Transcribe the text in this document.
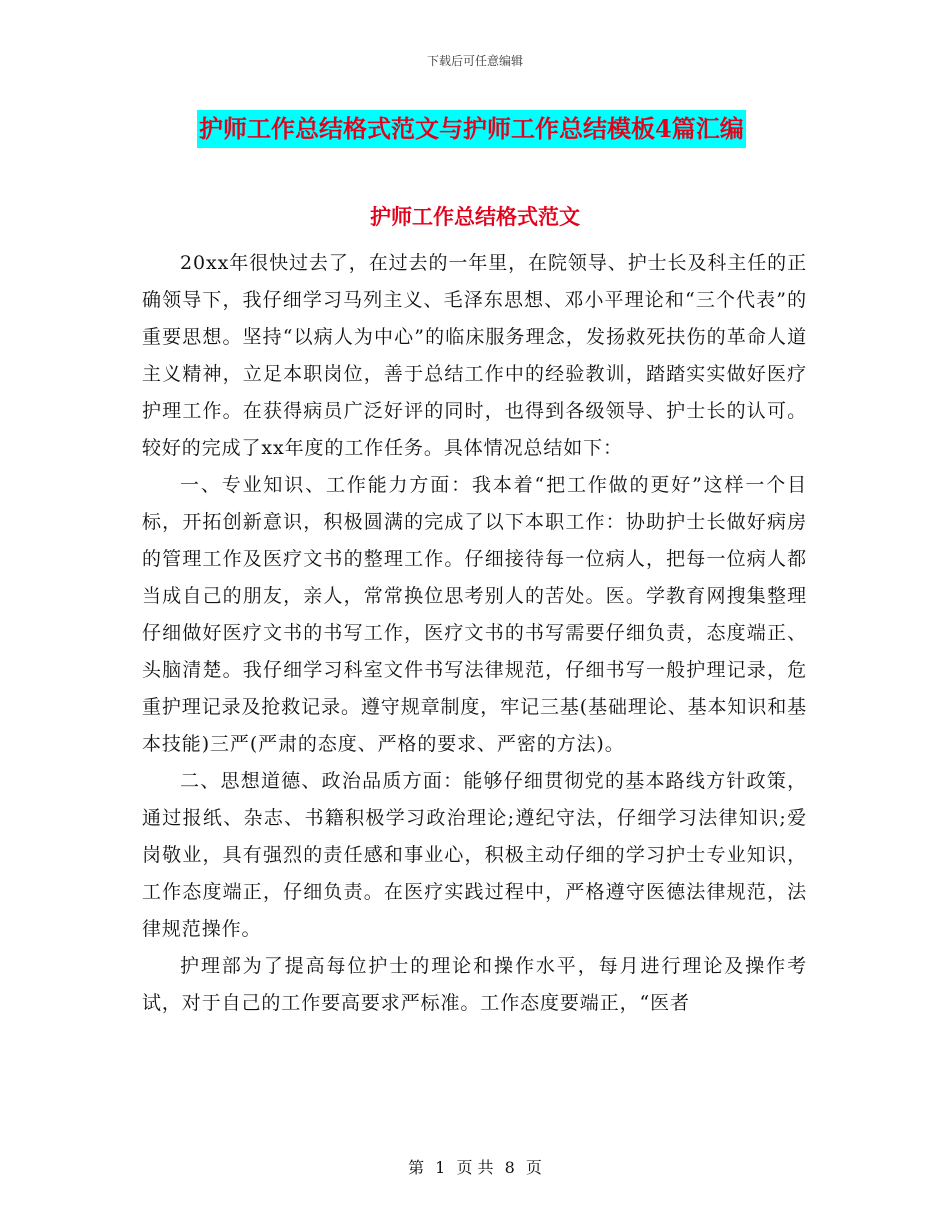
下载后可任意编辑
护师工作总结格式范文与护师工作总结模板4篇汇编
护师工作总结格式范文

20xx年很快过去了，在过去的一年里，在院领导、护士长及科主任的正确领导下，我仔细学习马列主义、毛泽东思想、邓小平理论和“三个代表”的重要思想。坚持“以病人为中心”的临床服务理念，发扬救死扶伤的革命人道主义精神，立足本职岗位，善于总结工作中的经验教训，踏踏实实做好医疗护理工作。在获得病员广泛好评的同时，也得到各级领导、护士长的认可。较好的完成了xx年度的工作任务。具体情况总结如下：

一、专业知识、工作能力方面：我本着“把工作做的更好”这样一个目标，开拓创新意识，积极圆满的完成了以下本职工作：协助护士长做好病房的管理工作及医疗文书的整理工作。仔细接待每一位病人，把每一位病人都当成自己的朋友，亲人，常常换位思考别人的苦处。医。学教育网搜集整理仔细做好医疗文书的书写工作，医疗文书的书写需要仔细负责，态度端正、头脑清楚。我仔细学习科室文件书写法律规范，仔细书写一般护理记录，危重护理记录及抢救记录。遵守规章制度，牢记三基(基础理论、基本知识和基本技能)三严(严肃的态度、严格的要求、严密的方法)。

二、思想道德、政治品质方面：能够仔细贯彻党的基本路线方针政策，通过报纸、杂志、书籍积极学习政治理论;遵纪守法，仔细学习法律知识;爱岗敬业，具有强烈的责任感和事业心，积极主动仔细的学习护士专业知识，工作态度端正，仔细负责。在医疗实践过程中，严格遵守医德法律规范，法律规范操作。

护理部为了提高每位护士的理论和操作水平，每月进行理论及操作考试，对于自己的工作要高要求严标准。工作态度要端正，“医者

第 1 页 共 8 页
